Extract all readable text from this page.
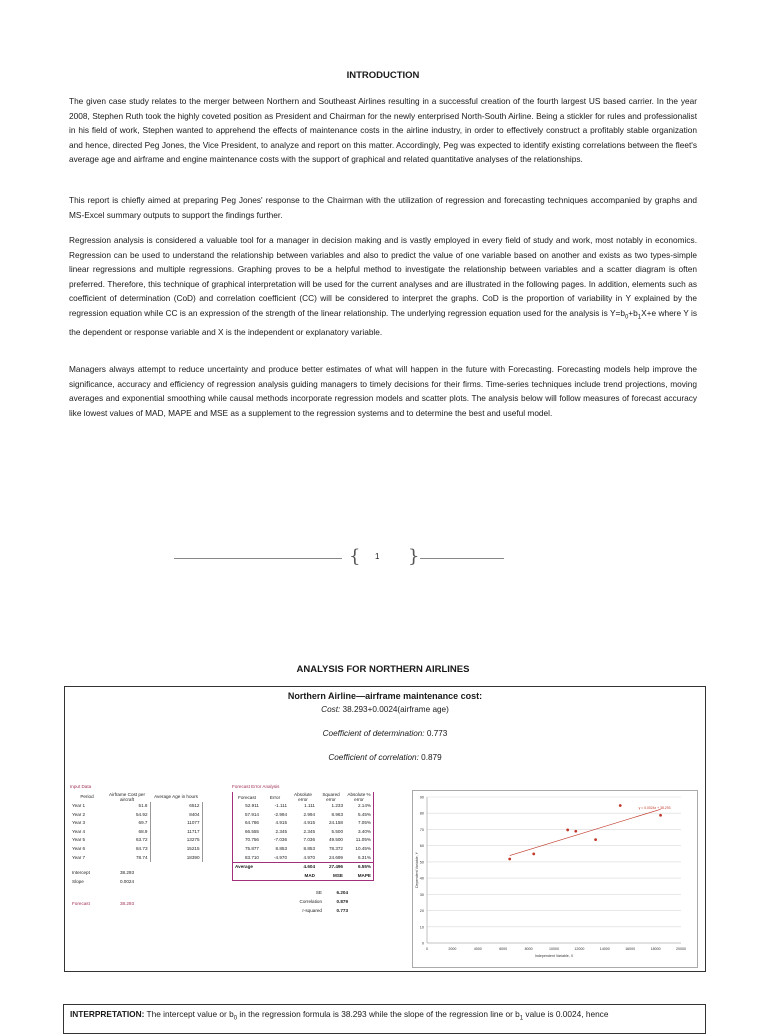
INTRODUCTION

The given case study relates to the merger between Northern and Southeast Airlines resulting in a successful creation of the fourth largest US based carrier. In the year 2008, Stephen Ruth took the highly coveted position as President and Chairman for the newly enterprised North-South Airline. Being a stickler for rules and professionalist in his field of work, Stephen wanted to apprehend the effects of maintenance costs in the airline industry, in order to effectively construct a profitably stable organization and hence, directed Peg Jones, the Vice President, to analyze and report on this matter. Accordingly, Peg was expected to identify existing correlations between the fleet's average age and airframe and engine maintenance costs with the support of graphical and related quantitative analyses of the relationships.

This report is chiefly aimed at preparing Peg Jones' response to the Chairman with the utilization of regression and forecasting techniques accompanied by graphs and MS-Excel summary outputs to support the findings further.

Regression analysis is considered a valuable tool for a manager in decision making and is vastly employed in every field of study and work, most notably in economics. Regression can be used to understand the relationship between variables and also to predict the value of one variable based on another and exists as two types-simple linear regressions and multiple regressions. Graphing proves to be a helpful method to investigate the relationship between variables and a scatter diagram is often preferred. Therefore, this technique of graphical interpretation will be used for the current analyses and are illustrated in the following pages. In addition, elements such as coefficient of determination (CoD) and correlation coefficient (CC) will be considered to interpret the graphs. CoD is the proportion of variability in Y explained by the regression equation while CC is an expression of the strength of the linear relationship. The underlying regression equation used for the analysis is $Y=b_0+b_1X+e$ where Y is the dependent or response variable and X is the independent or explanatory variable.

Managers always attempt to reduce uncertainty and produce better estimates of what will happen in the future with Forecasting. Forecasting models help improve the significance, accuracy and efficiency of regression analysis guiding managers to timely decisions for their firms. Time-series techniques include trend projections, moving averages and exponential smoothing while causal methods incorporate regression models and scatter plots. The analysis below will follow measures of forecast accuracy like lowest values of MAD, MAPE and MSE as a supplement to the regression systems and to determine the best and useful model.

{ 1 }

ANALYSIS FOR NORTHERN AIRLINES

Northern Airline—airframe maintenance cost:
Cost: 38.293+0.0024(airframe age)
Coefficient of determination: 0.773
Coefficient of correlation: 0.879
Input Data
Period	Airframe Cost per aircraft	Average Age in hours
Year 1	51.8	6512
Year 2	54.92	8404
Year 3	69.7	11077
Year 4	68.9	11717
Year 5	63.72	13275
Year 6	84.73	15215
Year 7	78.74	18390
Intercept	38.293
Slope	0.0024
Forecast	38.293
Forecast Error Analysis
Forecast	Error	Absolute error	Squared error	Absolute % error
52.911	-1.111	1.111	1.233	2.14%
57.914	-2.994	2.994	8.963	5.45%
64.786	4.915	4.915	24.158	7.05%
66.555	2.345	2.345	5.500	3.40%
70.756	-7.036	7.036	49.500	11.05%
75.877	8.853	8.853	78.372	10.45%
83.710	-4.970	4.970	24.699	6.31%
Average		4.604	27.496	6.55%
		MAD	MSE	MAPE
SE	6.204
Correlation	0.879
r-squared	0.773
0
10
20
30
40
50
60
70
80
90
0	2000	4000	6000	8000	10000	12000	14000	16000	18000	20000
Independent Variable, X
Dependent Variable, Y
y = 0.0024x + 38.293
INTERPRETATION: The intercept value or $b_0$ in the regression formula is 38.293 while the slope of the regression line or $b_1$ value is 0.0024, hence
